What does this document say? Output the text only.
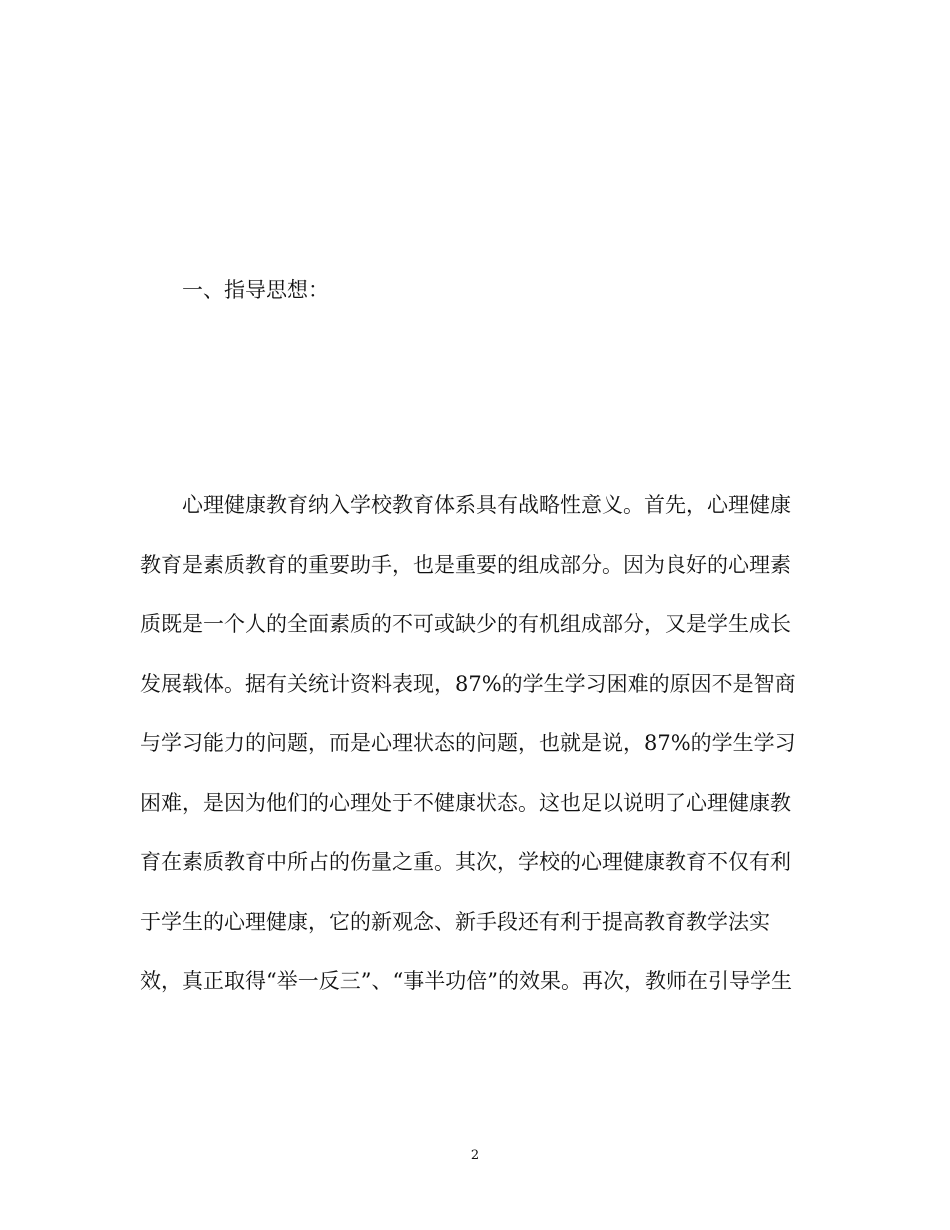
一、指导思想：
心理健康教育纳入学校教育体系具有战略性意义。首先，心理健康
教育是素质教育的重要助手，也是重要的组成部分。因为良好的心理素
质既是一个人的全面素质的不可或缺少的有机组成部分，又是学生成长
发展载体。据有关统计资料表现，87%的学生学习困难的原因不是智商
与学习能力的问题，而是心理状态的问题，也就是说，87%的学生学习
困难，是因为他们的心理处于不健康状态。这也足以说明了心理健康教
育在素质教育中所占的伤量之重。其次，学校的心理健康教育不仅有利
于学生的心理健康，它的新观念、新手段还有利于提高教育教学法实
效，真正取得“举一反三”、“事半功倍”的效果。再次，教师在引导学生
2
